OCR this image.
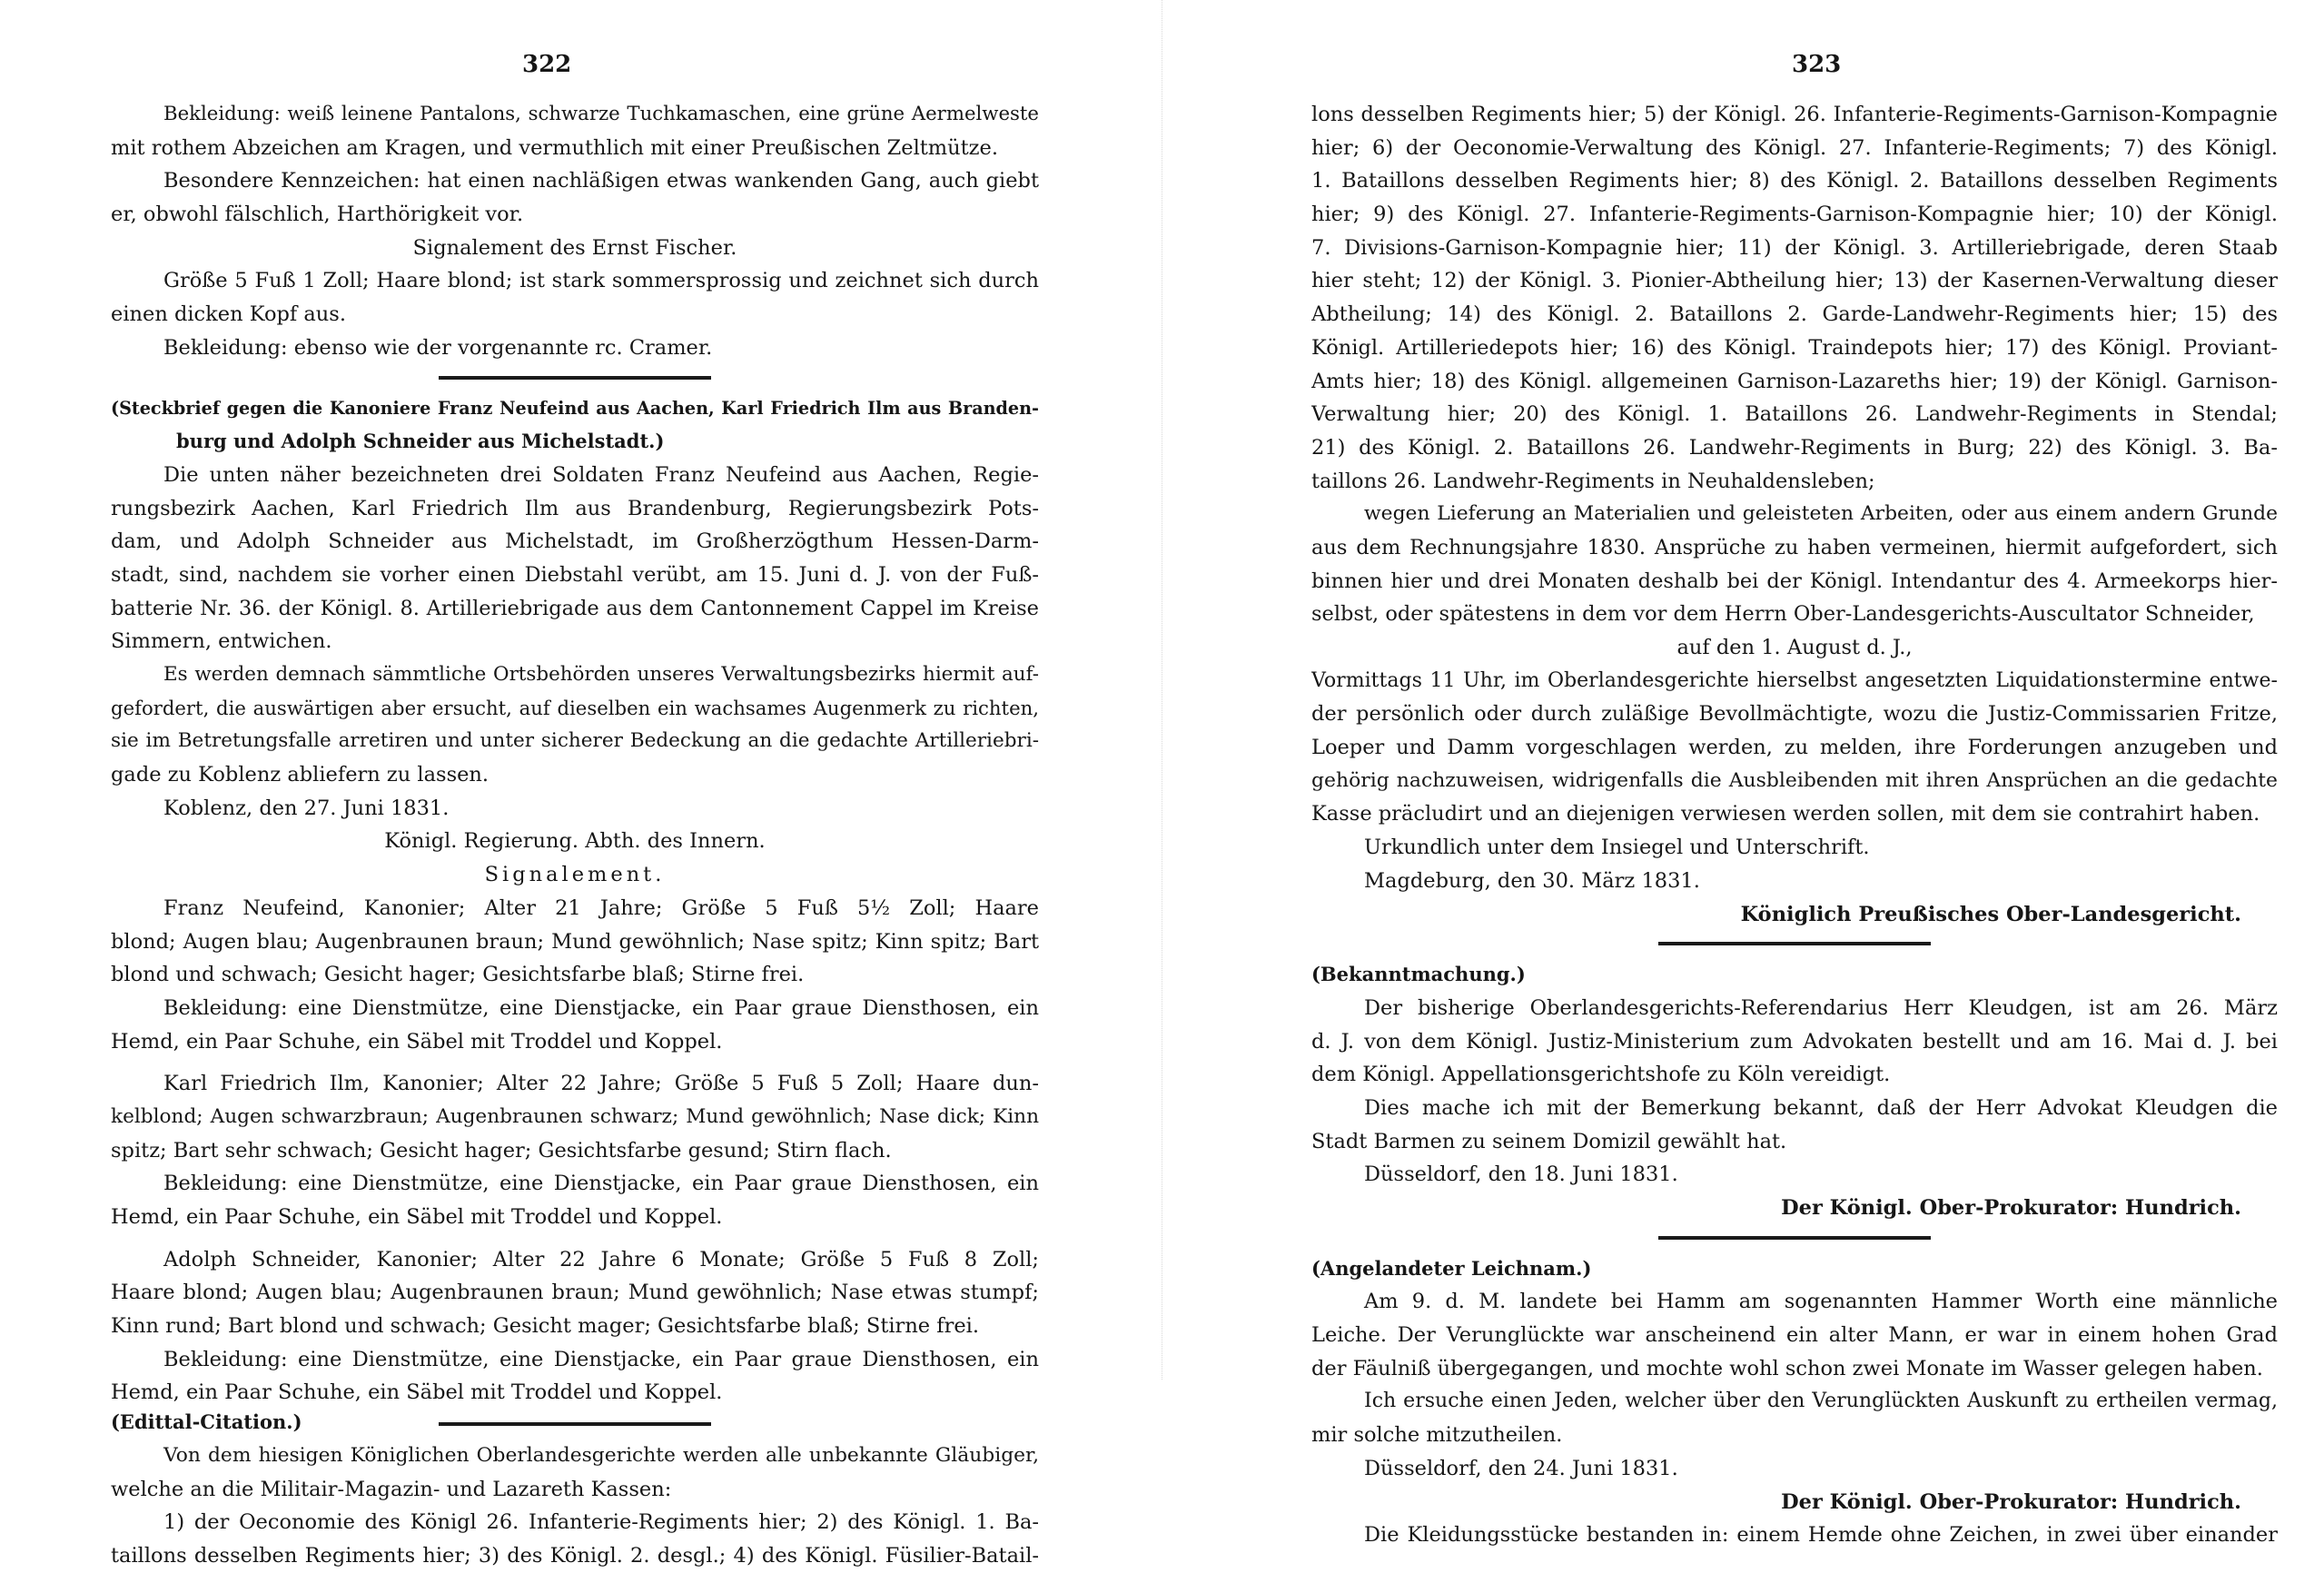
322
Bekleidung: weiß leinene Pantalons, schwarze Tuchkamaschen, eine grüne Aermelweste
mit rothem Abzeichen am Kragen, und vermuthlich mit einer Preußischen Zeltmütze.
Besondere Kennzeichen: hat einen nachläßigen etwas wankenden Gang, auch giebt
er, obwohl fälschlich, Harthörigkeit vor.
Signalement des Ernst Fischer.
Größe 5 Fuß 1 Zoll; Haare blond; ist stark sommersprossig und zeichnet sich durch
einen dicken Kopf aus.
Bekleidung: ebenso wie der vorgenannte rc. Cramer.
(Steckbrief gegen die Kanoniere Franz Neufeind aus Aachen, Karl Friedrich Ilm aus Branden-
burg und Adolph Schneider aus Michelstadt.)
Die unten näher bezeichneten drei Soldaten Franz Neufeind aus Aachen, Regie-
rungsbezirk Aachen, Karl Friedrich Ilm aus Brandenburg, Regierungsbezirk Pots-
dam, und Adolph Schneider aus Michelstadt, im Großherzögthum Hessen-Darm-
stadt, sind, nachdem sie vorher einen Diebstahl verübt, am 15. Juni d. J. von der Fuß-
batterie Nr. 36. der Königl. 8. Artilleriebrigade aus dem Cantonnement Cappel im Kreise
Simmern, entwichen.
Es werden demnach sämmtliche Ortsbehörden unseres Verwaltungsbezirks hiermit auf-
gefordert, die auswärtigen aber ersucht, auf dieselben ein wachsames Augenmerk zu richten,
sie im Betretungsfalle arretiren und unter sicherer Bedeckung an die gedachte Artilleriebri-
gade zu Koblenz abliefern zu lassen.
Koblenz, den 27. Juni 1831.
Königl. Regierung. Abth. des Innern.
Signalement.
Franz Neufeind, Kanonier; Alter 21 Jahre; Größe 5 Fuß 5½ Zoll; Haare
blond; Augen blau; Augenbraunen braun; Mund gewöhnlich; Nase spitz; Kinn spitz; Bart
blond und schwach; Gesicht hager; Gesichtsfarbe blaß; Stirne frei.
Bekleidung: eine Dienstmütze, eine Dienstjacke, ein Paar graue Diensthosen, ein
Hemd, ein Paar Schuhe, ein Säbel mit Troddel und Koppel.
Karl Friedrich Ilm, Kanonier; Alter 22 Jahre; Größe 5 Fuß 5 Zoll; Haare dun-
kelblond; Augen schwarzbraun; Augenbraunen schwarz; Mund gewöhnlich; Nase dick; Kinn
spitz; Bart sehr schwach; Gesicht hager; Gesichtsfarbe gesund; Stirn flach.
Bekleidung: eine Dienstmütze, eine Dienstjacke, ein Paar graue Diensthosen, ein
Hemd, ein Paar Schuhe, ein Säbel mit Troddel und Koppel.
Adolph Schneider, Kanonier; Alter 22 Jahre 6 Monate; Größe 5 Fuß 8 Zoll;
Haare blond; Augen blau; Augenbraunen braun; Mund gewöhnlich; Nase etwas stumpf;
Kinn rund; Bart blond und schwach; Gesicht mager; Gesichtsfarbe blaß; Stirne frei.
Bekleidung: eine Dienstmütze, eine Dienstjacke, ein Paar graue Diensthosen, ein
Hemd, ein Paar Schuhe, ein Säbel mit Troddel und Koppel.
(Edittal-Citation.)
Von dem hiesigen Königlichen Oberlandesgerichte werden alle unbekannte Gläubiger,
welche an die Militair-Magazin- und Lazareth Kassen:
1) der Oeconomie des Königl 26. Infanterie-Regiments hier; 2) des Königl. 1. Ba-
taillons desselben Regiments hier; 3) des Königl. 2. desgl.; 4) des Königl. Füsilier-Batail-
323
lons desselben Regiments hier; 5) der Königl. 26. Infanterie-Regiments-Garnison-Kompagnie
hier; 6) der Oeconomie-Verwaltung des Königl. 27. Infanterie-Regiments; 7) des Königl.
1. Bataillons desselben Regiments hier; 8) des Königl. 2. Bataillons desselben Regiments
hier; 9) des Königl. 27. Infanterie-Regiments-Garnison-Kompagnie hier; 10) der Königl.
7. Divisions-Garnison-Kompagnie hier; 11) der Königl. 3. Artilleriebrigade, deren Staab
hier steht; 12) der Königl. 3. Pionier-Abtheilung hier; 13) der Kasernen-Verwaltung dieser
Abtheilung; 14) des Königl. 2. Bataillons 2. Garde-Landwehr-Regiments hier; 15) des
Königl. Artilleriedepots hier; 16) des Königl. Traindepots hier; 17) des Königl. Proviant-
Amts hier; 18) des Königl. allgemeinen Garnison-Lazareths hier; 19) der Königl. Garnison-
Verwaltung hier; 20) des Königl. 1. Bataillons 26. Landwehr-Regiments in Stendal;
21) des Königl. 2. Bataillons 26. Landwehr-Regiments in Burg; 22) des Königl. 3. Ba-
taillons 26. Landwehr-Regiments in Neuhaldensleben;
wegen Lieferung an Materialien und geleisteten Arbeiten, oder aus einem andern Grunde
aus dem Rechnungsjahre 1830. Ansprüche zu haben vermeinen, hiermit aufgefordert, sich
binnen hier und drei Monaten deshalb bei der Königl. Intendantur des 4. Armeekorps hier-
selbst, oder spätestens in dem vor dem Herrn Ober-Landesgerichts-Auscultator Schneider,
auf den 1. August d. J.,
Vormittags 11 Uhr, im Oberlandesgerichte hierselbst angesetzten Liquidationstermine entwe-
der persönlich oder durch zuläßige Bevollmächtigte, wozu die Justiz-Commissarien Fritze,
Loeper und Damm vorgeschlagen werden, zu melden, ihre Forderungen anzugeben und
gehörig nachzuweisen, widrigenfalls die Ausbleibenden mit ihren Ansprüchen an die gedachte
Kasse präcludirt und an diejenigen verwiesen werden sollen, mit dem sie contrahirt haben.
Urkundlich unter dem Insiegel und Unterschrift.
Magdeburg, den 30. März 1831.
Königlich Preußisches Ober-Landesgericht.
(Bekanntmachung.)
Der bisherige Oberlandesgerichts-Referendarius Herr Kleudgen, ist am 26. März
d. J. von dem Königl. Justiz-Ministerium zum Advokaten bestellt und am 16. Mai d. J. bei
dem Königl. Appellationsgerichtshofe zu Köln vereidigt.
Dies mache ich mit der Bemerkung bekannt, daß der Herr Advokat Kleudgen die
Stadt Barmen zu seinem Domizil gewählt hat.
Düsseldorf, den 18. Juni 1831.
Der Königl. Ober-Prokurator: Hundrich.
(Angelandeter Leichnam.)
Am 9. d. M. landete bei Hamm am sogenannten Hammer Worth eine männliche
Leiche. Der Verunglückte war anscheinend ein alter Mann, er war in einem hohen Grad
der Fäulniß übergegangen, und mochte wohl schon zwei Monate im Wasser gelegen haben.
Ich ersuche einen Jeden, welcher über den Verunglückten Auskunft zu ertheilen vermag,
mir solche mitzutheilen.
Düsseldorf, den 24. Juni 1831.
Der Königl. Ober-Prokurator: Hundrich.
Die Kleidungsstücke bestanden in: einem Hemde ohne Zeichen, in zwei über einander
